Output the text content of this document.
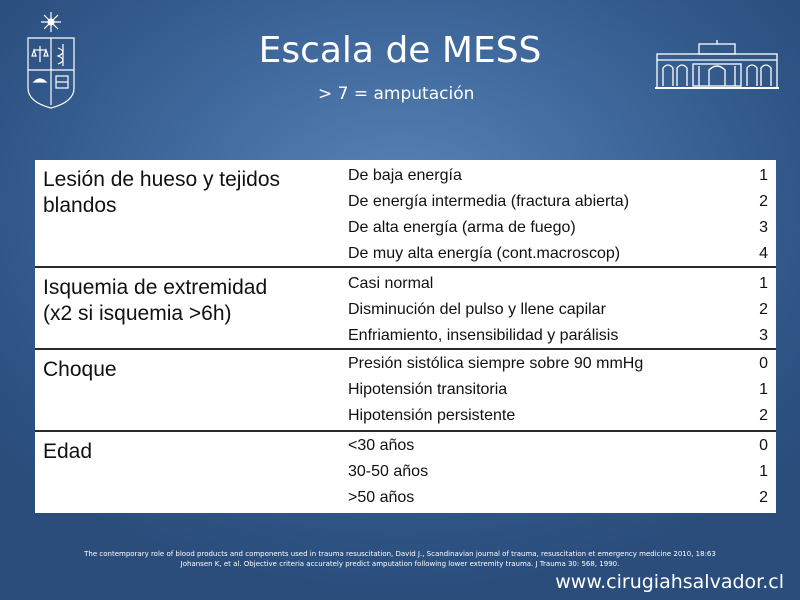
Escala de MESS
> 7 = amputación
Lesión de hueso y tejidos
blandos
De baja energía	1
De energía intermedia (fractura abierta)	2
De alta energía (arma de fuego)	3
De muy alta energía (cont.macroscop)	4
Isquemia de extremidad
(x2 si isquemia >6h)
Casi normal	1
Disminución del pulso y llene capilar	2
Enfriamiento, insensibilidad y parálisis	3
Choque	Presión sistólica siempre sobre 90 mmHg	0
Hipotensión transitoria	1
Hipotensión persistente	2
Edad	<30 años	0
30-50 años	1
>50 años	2
The contemporary role of blood products and components used in trauma resuscitation, David J., Scandinavian journal of trauma, resuscitation et emergency medicine 2010, 18:63
Johansen K, et al. Objective criteria accurately predict amputation following lower extremity trauma. J Trauma 30: 568, 1990.
www.cirugiahsalvador.cl
